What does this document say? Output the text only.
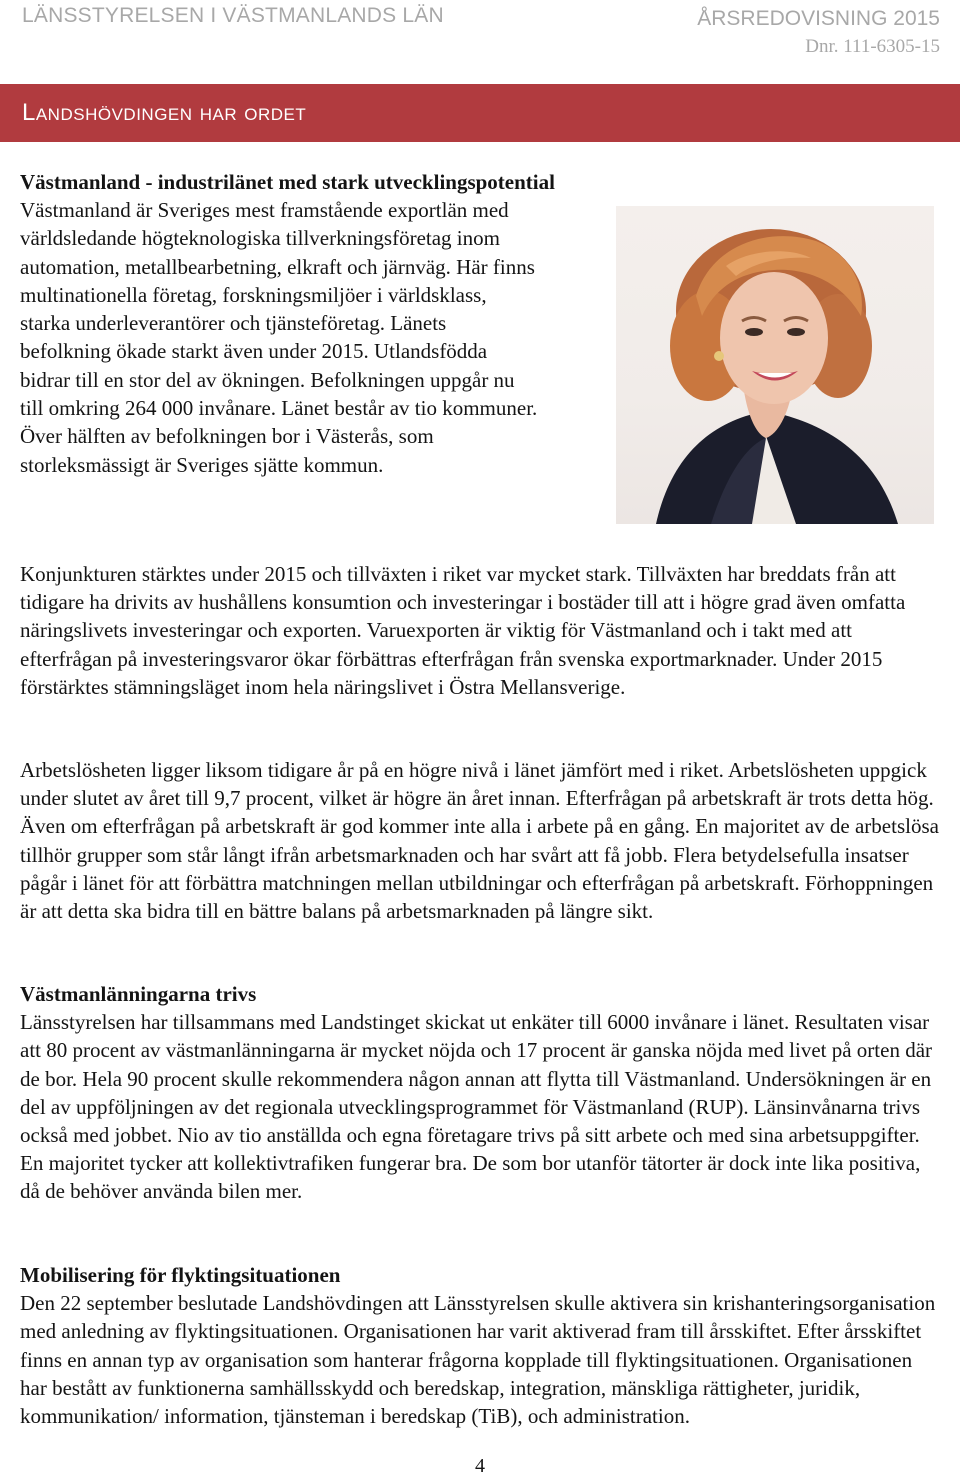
LÄNSSTYRELSEN I VÄSTMANLANDS LÄN	ÅRSREDOVISNING 2015
Dnr. 111-6305-15
Landshövdingen har ordet
Västmanland - industrilänet med stark utvecklingspotential
Västmanland är Sveriges mest framstående exportlän med världsledande högteknologiska tillverkningsföretag inom automation, metallbearbetning, elkraft och järnväg. Här finns multinationella företag, forskningsmiljöer i världsklass, starka underleverantörer och tjänsteföretag. Länets befolkning ökade starkt även under 2015. Utlandsfödda bidrar till en stor del av ökningen. Befolkningen uppgår nu till omkring 264 000 invånare. Länet består av tio kommuner. Över hälften av befolkningen bor i Västerås, som storleksmässigt är Sveriges sjätte kommun.

Konjunkturen stärktes under 2015 och tillväxten i riket var mycket stark. Tillväxten har breddats från att tidigare ha drivits av hushållens konsumtion och investeringar i bostäder till att i högre grad även omfatta näringslivets investeringar och exporten. Varuexporten är viktig för Västmanland och i takt med att efterfrågan på investeringsvaror ökar förbättras efterfrågan från svenska exportmarknader. Under 2015 förstärktes stämningsläget inom hela näringslivet i Östra Mellansverige.

Arbetslösheten ligger liksom tidigare år på en högre nivå i länet jämfört med i riket. Arbetslösheten uppgick under slutet av året till 9,7 procent, vilket är högre än året innan. Efterfrågan på arbetskraft är trots detta hög. Även om efterfrågan på arbetskraft är god kommer inte alla i arbete på en gång. En majoritet av de arbetslösa tillhör grupper som står långt ifrån arbetsmarknaden och har svårt att få jobb. Flera betydelsefulla insatser pågår i länet för att förbättra matchningen mellan utbildningar och efterfrågan på arbetskraft. Förhoppningen är att detta ska bidra till en bättre balans på arbetsmarknaden på längre sikt.

Västmanlänningarna trivs
Länsstyrelsen har tillsammans med Landstinget skickat ut enkäter till 6000 invånare i länet. Resultaten visar att 80 procent av västmanlänningarna är mycket nöjda och 17 procent är ganska nöjda med livet på orten där de bor. Hela 90 procent skulle rekommendera någon annan att flytta till Västmanland. Undersökningen är en del av uppföljningen av det regionala utvecklingsprogrammet för Västmanland (RUP). Länsinvånarna trivs också med jobbet. Nio av tio anställda och egna företagare trivs på sitt arbete och med sina arbetsuppgifter. En majoritet tycker att kollektivtrafiken fungerar bra. De som bor utanför tätorter är dock inte lika positiva, då de behöver använda bilen mer.
Mobilisering för flyktingsituationen
Den 22 september beslutade Landshövdingen att Länsstyrelsen skulle aktivera sin krishanteringsorganisation med anledning av flyktingsituationen. Organisationen har varit aktiverad fram till årsskiftet. Efter årsskiftet finns en annan typ av organisation som hanterar frågorna kopplade till flyktingsituationen. Organisationen har bestått av funktionerna samhällsskydd och beredskap, integration, mänskliga rättigheter, juridik, kommunikation/ information, tjänsteman i beredskap (TiB), och administration.
4
